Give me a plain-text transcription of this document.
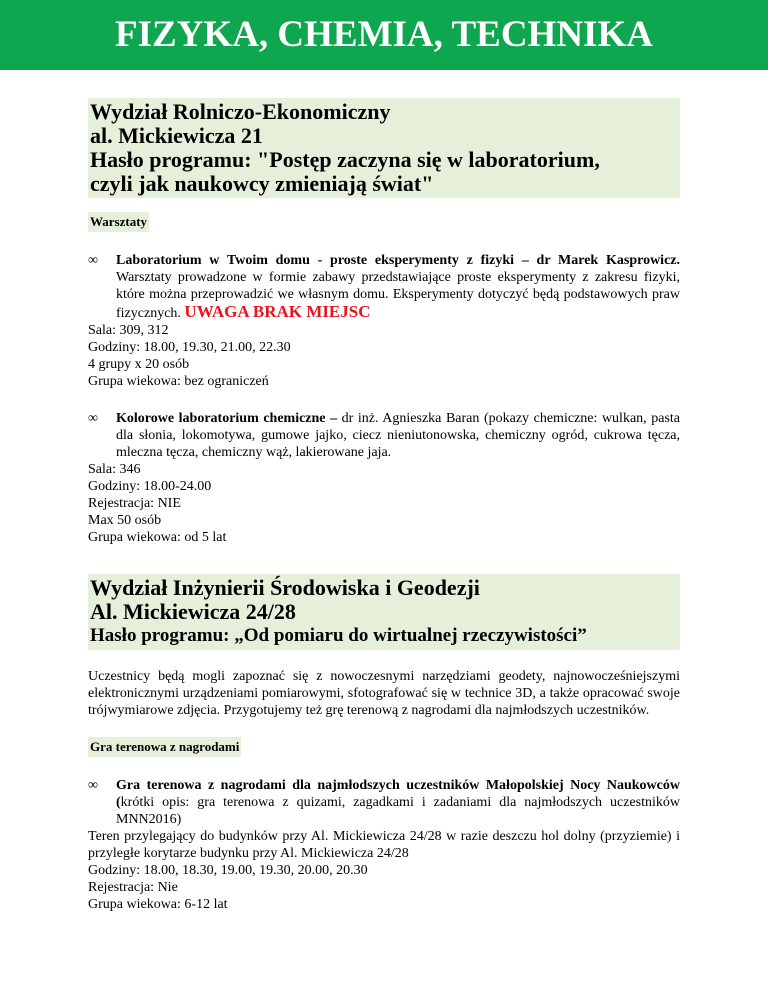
FIZYKA, CHEMIA, TECHNIKA
Wydział Rolniczo-Ekonomiczny
al. Mickiewicza 21
Hasło programu: "Postęp zaczyna się w laboratorium,
czyli jak naukowcy zmieniają świat"
Warsztaty
∞ Laboratorium w Twoim domu - proste eksperymenty z fizyki – dr Marek Kasprowicz. Warsztaty prowadzone w formie zabawy przedstawiające proste eksperymenty z zakresu fizyki, które można przeprowadzić we własnym domu. Eksperymenty dotyczyć będą podstawowych praw fizycznych. UWAGA BRAK MIEJSC
Sala: 309, 312
Godziny: 18.00, 19.30, 21.00, 22.30
4 grupy x 20 osób
Grupa wiekowa: bez ograniczeń
∞ Kolorowe laboratorium chemiczne – dr inż. Agnieszka Baran (pokazy chemiczne: wulkan, pasta dla słonia, lokomotywa, gumowe jajko, ciecz nieniutonowska, chemiczny ogród, cukrowa tęcza, mleczna tęcza, chemiczny wąż, lakierowane jaja.
Sala: 346
Godziny: 18.00-24.00
Rejestracja: NIE
Max 50 osób
Grupa wiekowa: od 5 lat
Wydział Inżynierii Środowiska i Geodezji
Al. Mickiewicza 24/28
Hasło programu: „Od pomiaru do wirtualnej rzeczywistości”
Uczestnicy będą mogli zapoznać się z nowoczesnymi narzędziami geodety, najnowocześniejszymi elektronicznymi urządzeniami pomiarowymi, sfotografować się w technice 3D, a także opracować swoje trójwymiarowe zdjęcia. Przygotujemy też grę terenową z nagrodami dla najmłodszych uczestników.
Gra terenowa z nagrodami
∞ Gra terenowa z nagrodami dla najmłodszych uczestników Małopolskiej Nocy Naukowców (krótki opis: gra terenowa z quizami, zagadkami i zadaniami dla najmłodszych uczestników MNN2016)
Teren przylegający do budynków przy Al. Mickiewicza 24/28 w razie deszczu hol dolny (przyziemie) i przyległe korytarze budynku przy Al. Mickiewicza 24/28
Godziny: 18.00, 18.30, 19.00, 19.30, 20.00, 20.30
Rejestracja: Nie
Grupa wiekowa: 6-12 lat
